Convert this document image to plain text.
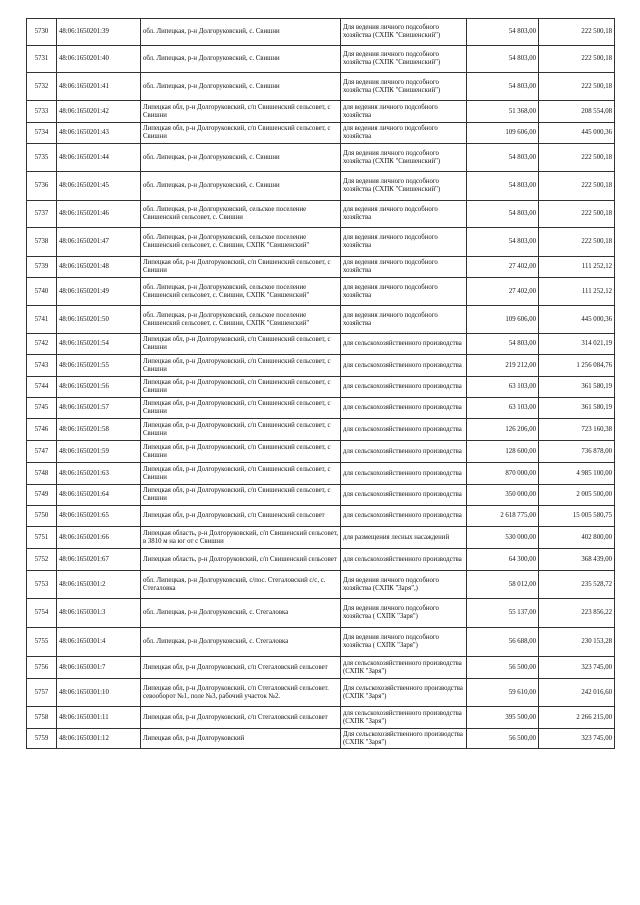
5730	48:06:1650201:39	обл. Липецкая, р-н Долгоруковский, с. Свишни	Для ведения личного подсобного хозяйства (СХПК "Свишенский")	54 803,00	222 500,18
5731	48:06:1650201:40	обл. Липецкая, р-н Долгоруковский, с. Свишни	Для ведения личного подсобного хозяйства (СХПК "Свишенский")	54 803,00	222 500,18
5732	48:06:1650201:41	обл. Липецкая, р-н Долгоруковский, с. Свишни	Для ведения личного подсобного хозяйства (СХПК "Свишенский")	54 803,00	222 500,18
5733	48:06:1650201:42	Липецкая обл, р-н Долгоруковский, с/п Свишенский сельсовет, с Свишни	для ведения личного подсобного хозяйства	51 368,00	208 554,08
5734	48:06:1650201:43	Липецкая обл, р-н Долгоруковский, с/п Свишенский сельсовет, с Свишни	для ведения личного подсобного хозяйства	109 606,00	445 000,36
5735	48:06:1650201:44	обл. Липецкая, р-н Долгоруковский, с. Свишни	Для ведения личного подсобного хозяйства (СХПК "Свишенский")	54 803,00	222 500,18
5736	48:06:1650201:45	обл. Липецкая, р-н Долгоруковский, с. Свишни	Для ведения личного подсобного хозяйства (СХПК "Свишенский")	54 803,00	222 500,18
5737	48:06:1650201:46	обл. Липецкая, р-н Долгоруковский, сельское поселение Свишенский сельсовет, с. Свишни	для ведения личного подсобного хозяйства	54 803,00	222 500,18
5738	48:06:1650201:47	обл. Липецкая, р-н Долгоруковский, сельское поселение Свишенский сельсовет, с. Свишни, СХПК "Свишенский"	для ведения личного подсобного хозяйства	54 803,00	222 500,18
5739	48:06:1650201:48	Липецкая обл, р-н Долгоруковский, с/п Свишенский сельсовет, с Свишни	для ведения личного подсобного хозяйства	27 402,00	111 252,12
5740	48:06:1650201:49	обл. Липецкая, р-н Долгоруковский, сельское поселение Свишенский сельсовет, с. Свишни, СХПК "Свишенский"	для ведения личного подсобного хозяйства	27 402,00	111 252,12
5741	48:06:1650201:50	обл. Липецкая, р-н Долгоруковский, сельское поселение Свишенский сельсовет, с. Свишни, СХПК "Свишенский"	для ведения личного подсобного хозяйства	109 606,00	445 000,36
5742	48:06:1650201:54	Липецкая обл, р-н Долгоруковский, с/п Свишенский сельсовет, с Свишни	для сельскохозяйственного производства	54 803,00	314 021,19
5743	48:06:1650201:55	Липецкая обл, р-н Долгоруковский, с/п Свишенский сельсовет, с Свишни	для сельскохозяйственного производства	219 212,00	1 256 084,76
5744	48:06:1650201:56	Липецкая обл, р-н Долгоруковский, с/п Свишенский сельсовет, с Свишни	для сельскохозяйственного производства	63 103,00	361 580,19
5745	48:06:1650201:57	Липецкая обл, р-н Долгоруковский, с/п Свишенский сельсовет, с Свишни	для сельскохозяйственного производства	63 103,00	361 580,19
5746	48:06:1650201:58	Липецкая обл, р-н Долгоруковский, с/п Свишенский сельсовет, с Свишни	для сельскохозяйственного производства	126 206,00	723 160,38
5747	48:06:1650201:59	Липецкая обл, р-н Долгоруковский, с/п Свишенский сельсовет, с Свишни	для сельскохозяйственного производства	128 600,00	736 878,00
5748	48:06:1650201:63	Липецкая обл, р-н Долгоруковский, с/п Свишенский сельсовет, с Свишни	для сельскохозяйственного производства	870 000,00	4 985 100,00
5749	48:06:1650201:64	Липецкая обл, р-н Долгоруковский, с/п Свишенский сельсовет, с Свишни	для сельскохозяйственного производства	350 000,00	2 005 500,00
5750	48:06:1650201:65	Липецкая обл, р-н Долгоруковский, с/п Свишенский сельсовет	для сельскохозяйственного производства	2 618 775,00	15 005 580,75
5751	48:06:1650201:66	Липецкая область, р-н Долгоруковский, с/п Свишенский сельсовет, в 3810 м на юг от с Свишни	для размещения лесных насаждений	530 000,00	402 800,00
5752	48:06:1650201:67	Липецкая область, р-н Долгоруковский, с/п Свишенский сельсовет	для сельскохозяйственного производства	64 300,00	368 439,00
5753	48:06:1650301:2	обл. Липецкая, р-н Долгоруковский, с/пос. Стегаловский с/с, с. Стегаловка	Для ведения личного подсобного хозяйства (СХПК "Заря",)	58 012,00	235 528,72
5754	48:06:1650301:3	обл. Липецкая, р-н Долгоруковский, с. Стегаловка	Для ведения личного подсобного хозяйства ( СХПК "Заря")	55 137,00	223 856,22
5755	48:06:1650301:4	обл. Липецкая, р-н Долгоруковский, с. Стегаловка	Для ведения личного подсобного хозяйства ( СХПК "Заря")	56 688,00	230 153,28
5756	48:06:1650301:7	Липецкая обл, р-н Долгоруковский, с/п Стегаловский сельсовет	для сельскохозяйственного производства (СХПК "Заря")	56 500,00	323 745,00
5757	48:06:1650301:10	Липецкая обл, р-н Долгоруковский, с/п Стегаловский сельсовет. севооборот №1, поле №3, рабочий участок №2.	Для сельскохозяйственного производства (СХПК "Заря")	59 610,00	242 016,60
5758	48:06:1650301:11	Липецкая обл, р-н Долгоруковский, с/п Стегаловский сельсовет	для сельскохозяйственного производства (СХПК "Заря")	395 500,00	2 266 215,00
5759	48:06:1650301:12	Липецкая обл, р-н Долгоруковский	Для сельскохозяйственного производства (СХПК "Заря")	56 500,00	323 745,00
